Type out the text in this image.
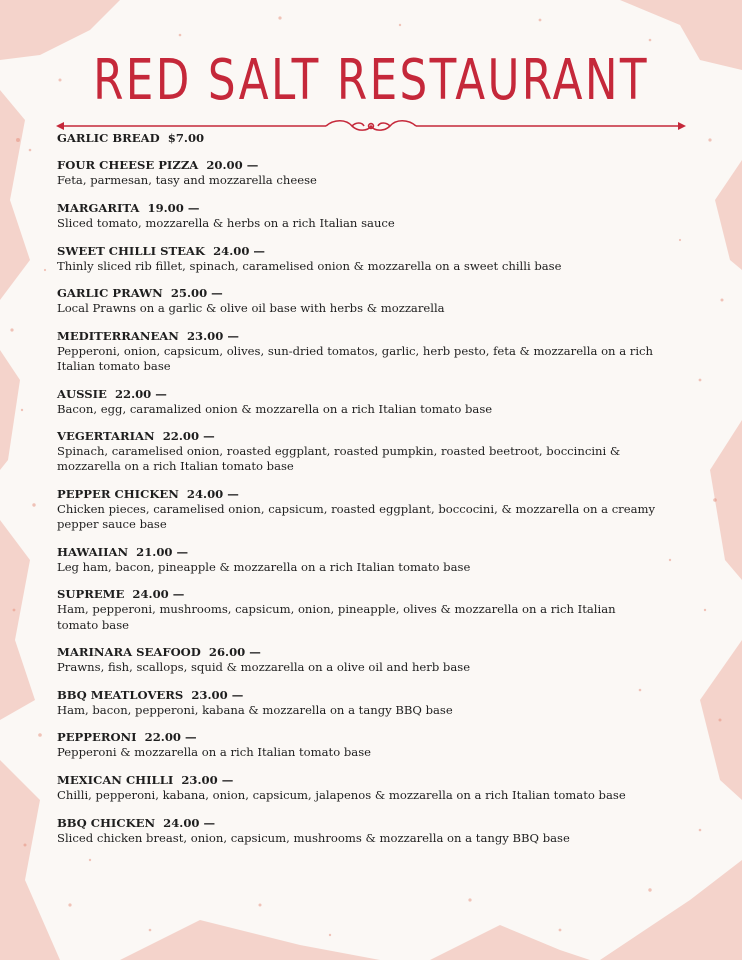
RED SALT RESTAURANT
GARLIC BREAD $7.00
FOUR CHEESE PIZZA 20.00 —
Feta, parmesan, tasy and mozzarella cheese
MARGARITA 19.00 —
Sliced tomato, mozzarella & herbs on a rich Italian sauce
SWEET CHILLI STEAK 24.00 —
Thinly sliced rib fillet, spinach, caramelised onion & mozzarella on a sweet chilli base
GARLIC PRAWN 25.00 —
Local Prawns on a garlic & olive oil base with herbs & mozzarella
MEDITERRANEAN 23.00 —
Pepperoni, onion, capsicum, olives, sun-dried tomatos, garlic, herb pesto, feta & mozzarella on a rich Italian tomato base
AUSSIE 22.00 —
Bacon, egg, caramalized onion & mozzarella on a rich Italian tomato base
VEGERTARIAN 22.00 —
Spinach, caramelised onion, roasted eggplant, roasted pumpkin, roasted beetroot, boccincini & mozzarella on a rich Italian tomato base
PEPPER CHICKEN 24.00 —
Chicken pieces, caramelised onion, capsicum, roasted eggplant, boccocini, & mozzarella on a creamy pepper sauce base
HAWAIIAN 21.00 —
Leg ham, bacon, pineapple & mozzarella on a rich Italian tomato base
SUPREME 24.00 —
Ham, pepperoni, mushrooms, capsicum, onion, pineapple, olives & mozzarella on a rich Italian tomato base
MARINARA SEAFOOD 26.00 —
Prawns, fish, scallops, squid & mozzarella on a olive oil and herb base
BBQ MEATLOVERS 23.00 —
Ham, bacon, pepperoni, kabana & mozzarella on a tangy BBQ base
PEPPERONI 22.00 —
Pepperoni & mozzarella on a rich Italian tomato base
MEXICAN CHILLI 23.00 —
Chilli, pepperoni, kabana, onion, capsicum, jalapenos & mozzarella on a rich Italian tomato base
BBQ CHICKEN 24.00 —
Sliced chicken breast, onion, capsicum, mushrooms & mozzarella on a tangy BBQ base
